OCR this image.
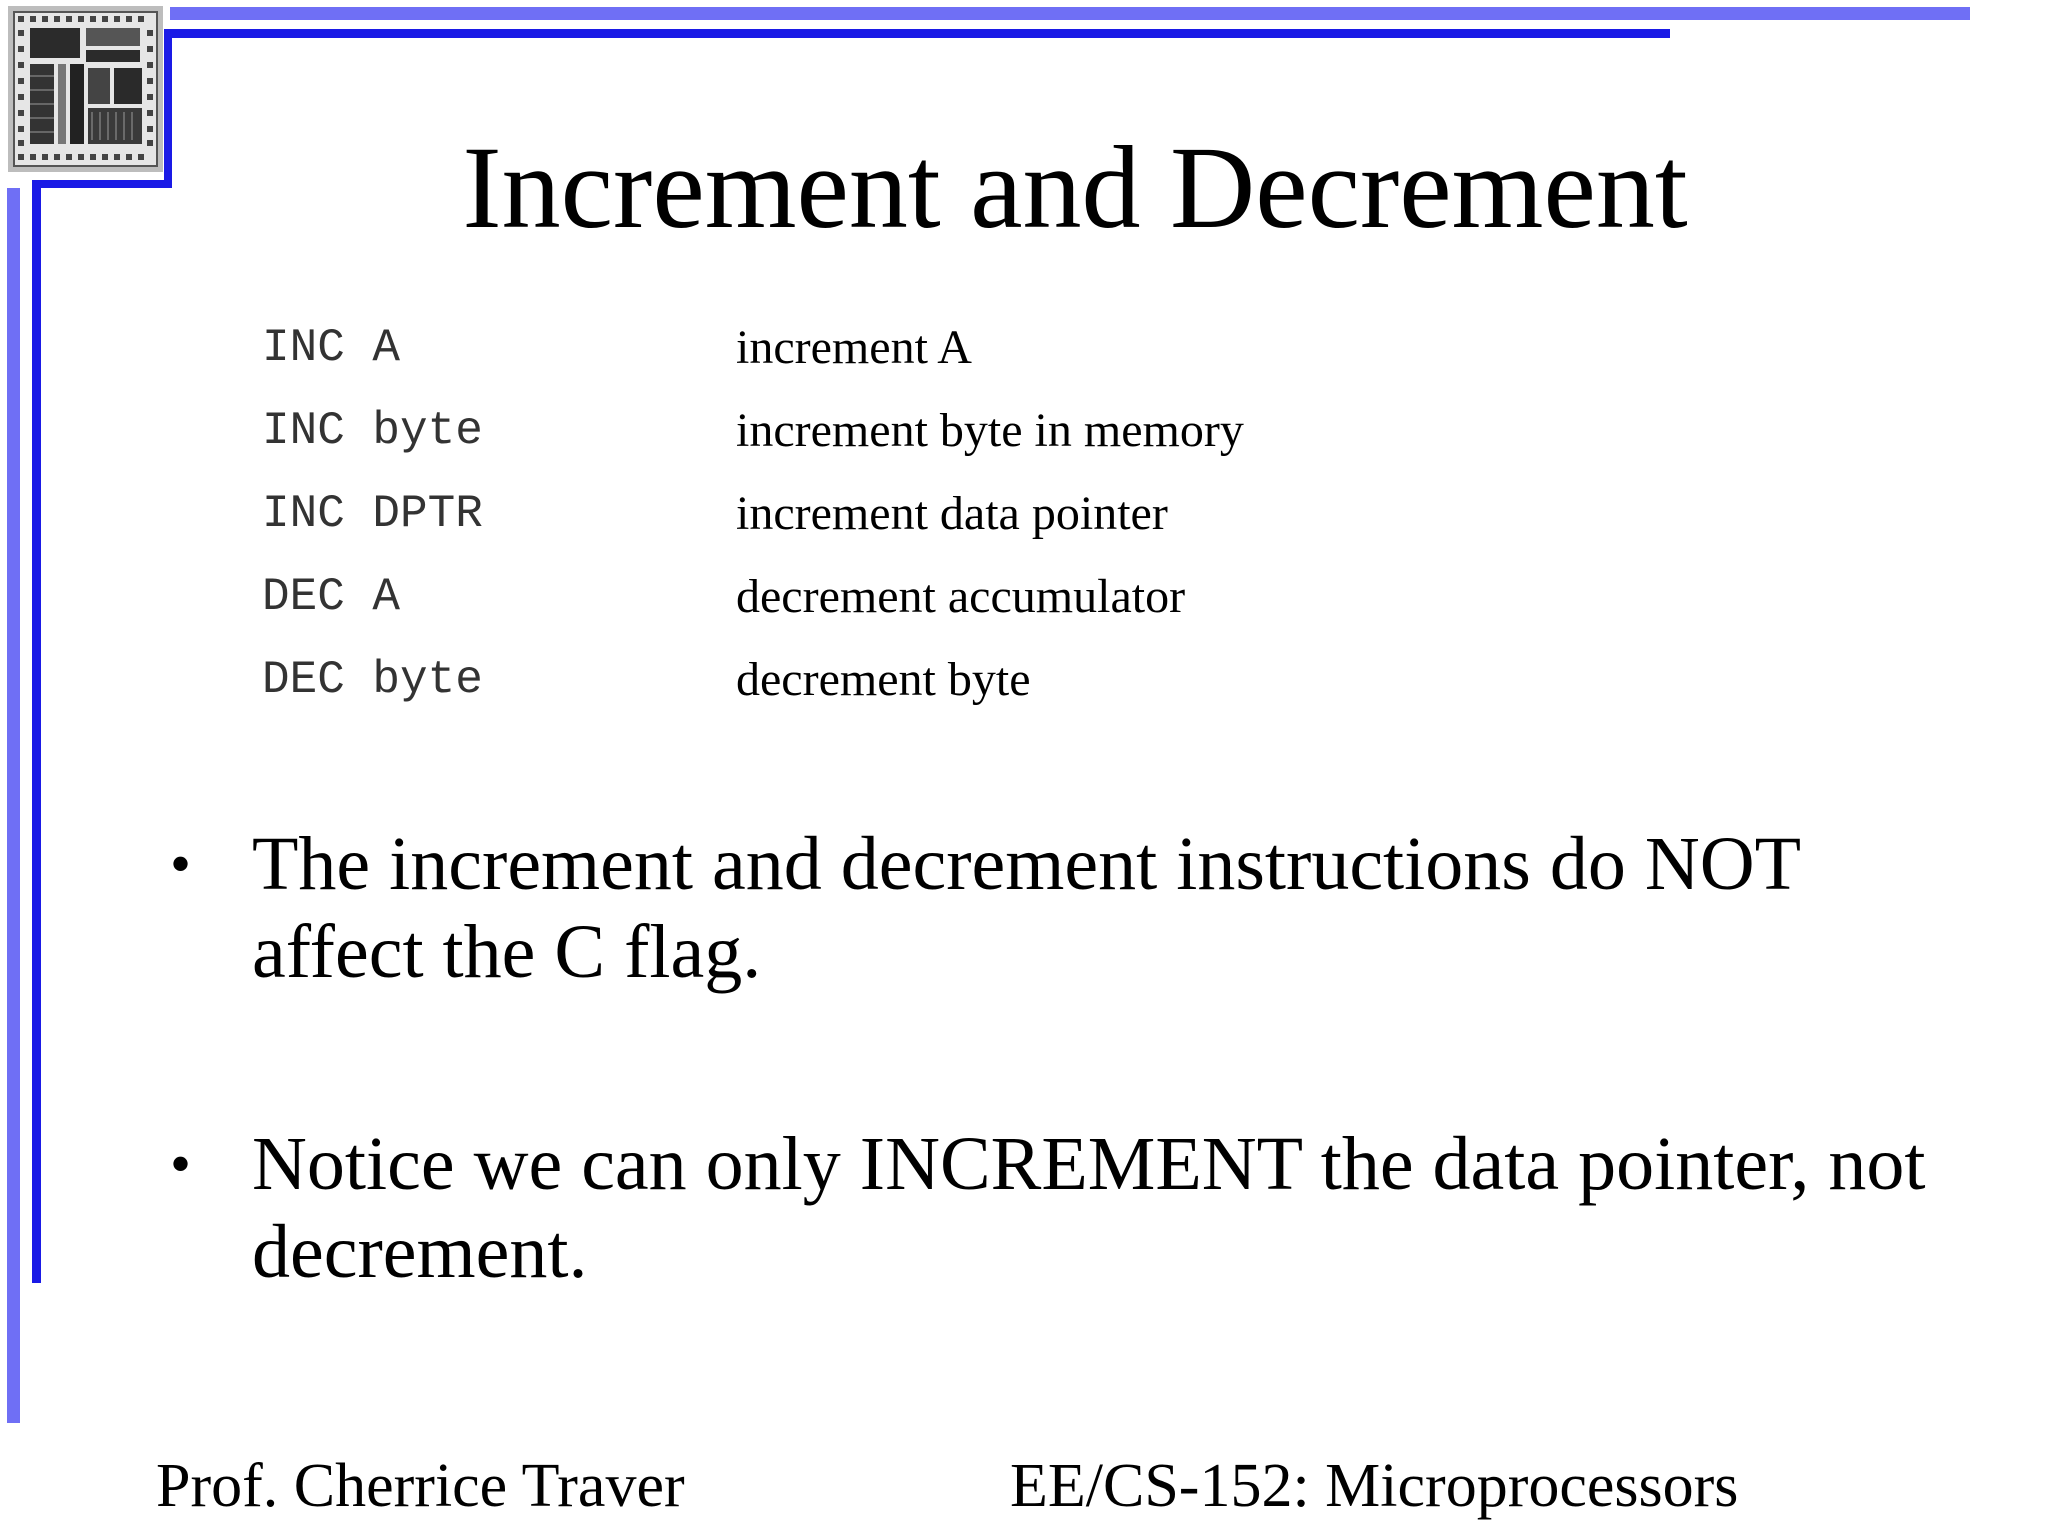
Increment and Decrement
INC A	increment A
INC byte	increment byte in memory
INC DPTR	increment data pointer
DEC A	decrement accumulator
DEC byte	decrement byte
• The increment and decrement instructions do NOT affect the C flag.
• Notice we can only INCREMENT the data pointer, not decrement.
Prof. Cherrice Traver	EE/CS-152: Microprocessors
